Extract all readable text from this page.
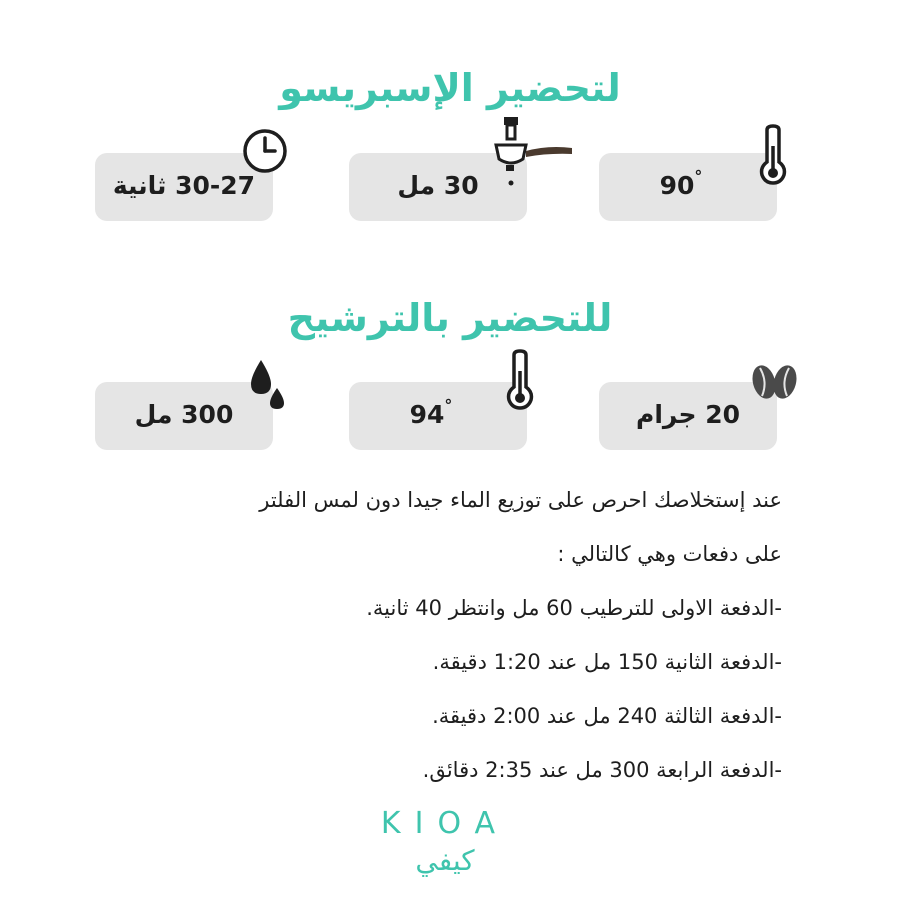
لتحضير الإسبريسو
30-27 ثانية	30 مل	90°
للتحضير بالترشيح
300 مل	94°	20 جرام
عند إستخلاصك احرص على توزيع الماء جيدا دون لمس الفلتر
على دفعات وهي كالتالي :
-الدفعة الاولى للترطيب 60 مل وانتظر 40 ثانية.
-الدفعة الثانية 150 مل عند 1:20 دقيقة.
-الدفعة الثالثة 240 مل عند 2:00 دقيقة.
-الدفعة الرابعة 300 مل عند 2:35 دقائق.
KIOA
كيفي
